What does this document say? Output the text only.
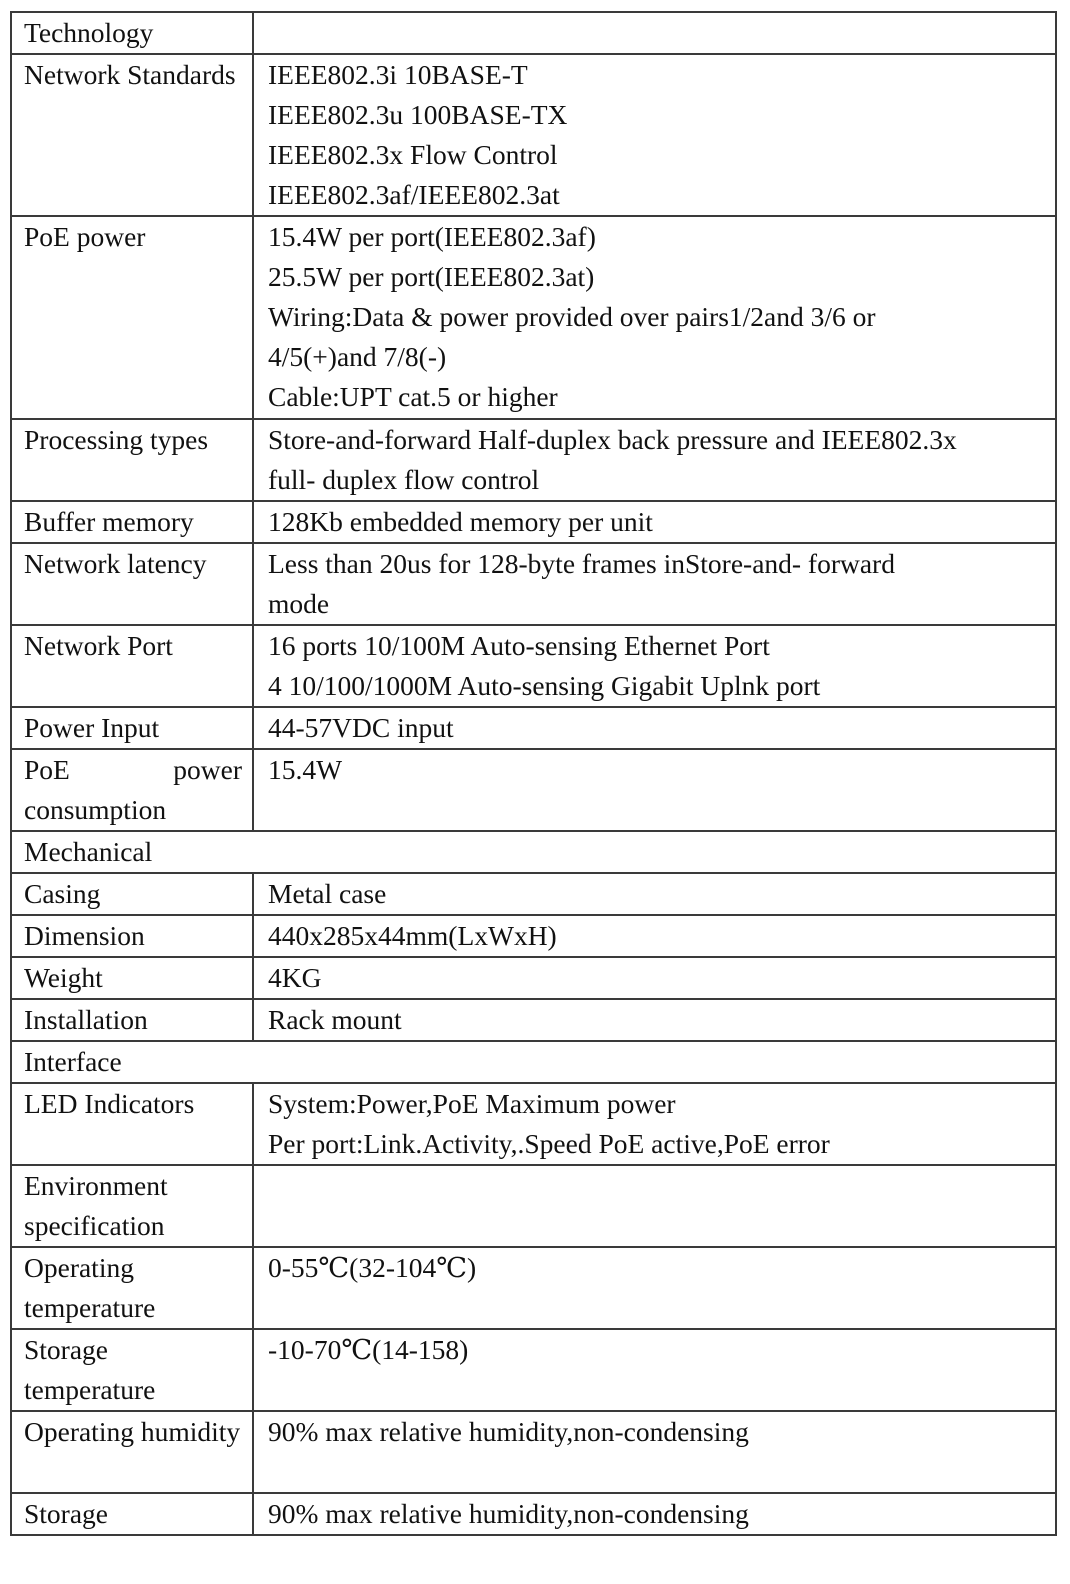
Technology	
Network Standards	IEEE802.3i 10BASE-T
IEEE802.3u 100BASE-TX
IEEE802.3x Flow Control
IEEE802.3af/IEEE802.3at

PoE power	15.4W per port(IEEE802.3af)
25.5W per port(IEEE802.3at)
Wiring:Data & power provided over pairs1/2and 3/6 or
4/5(+)and 7/8(-)
Cable:UPT cat.5 or higher

Processing types	Store-and-forward Half-duplex back pressure and IEEE802.3x
full- duplex flow control

Buffer memory	128Kb embedded memory per unit

Network latency	Less than 20us for 128-byte frames inStore-and- forward
mode

Network Port	16 ports 10/100M Auto-sensing Ethernet Port
4 10/100/1000M Auto-sensing Gigabit Uplnk port

Power Input	44-57VDC input

PoE power
consumption	15.4W

Mechanical	
Casing	Metal case

Dimension	440x285x44mm(LxWxH)

Weight	4KG

Installation	Rack mount

Interface	
LED Indicators	System:Power,PoE Maximum power
Per port:Link.Activity,.Speed PoE active,PoE error

Environment specification	
Operating temperature	0-55℃(32-104℃)

Storage temperature	-10-70℃(14-158)

Operating humidity	90% max relative humidity,non-condensing

Storage	90% max relative humidity,non-condensing
